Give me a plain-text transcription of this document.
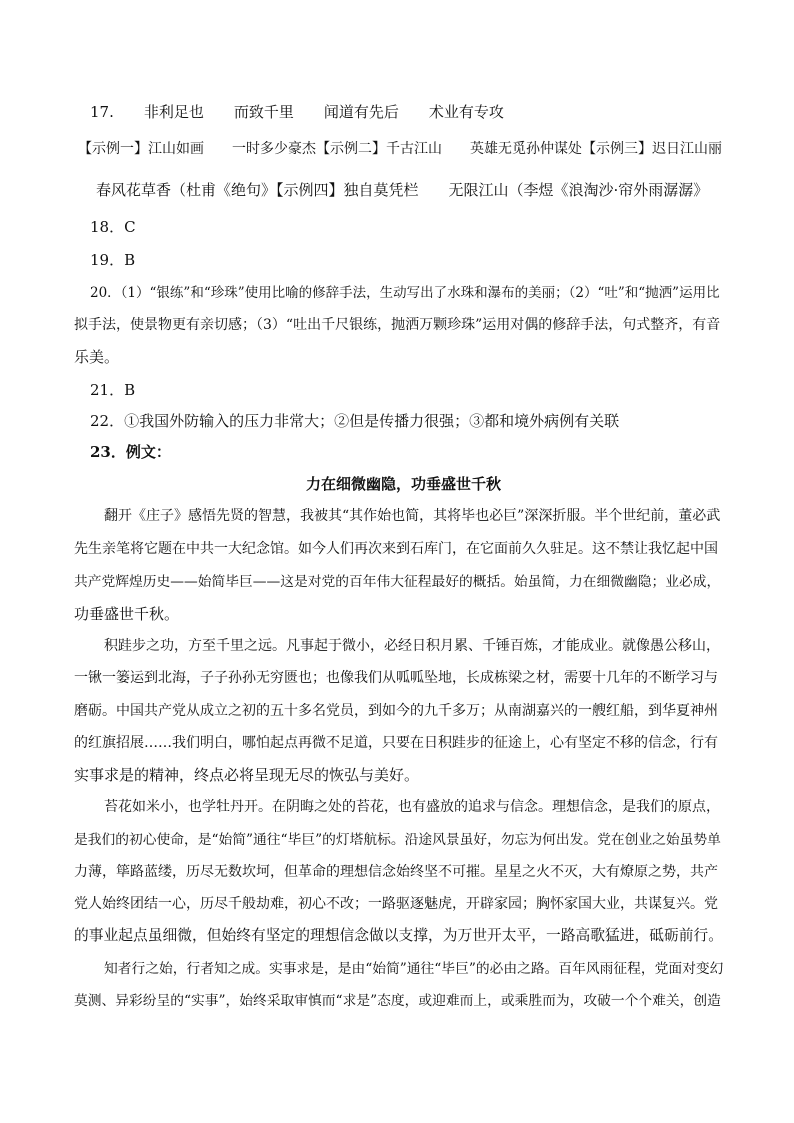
17.　　非利足也　　而致千里　　闻道有先后　　术业有专攻
【示例一】江山如画　　一时多少豪杰【示例二】千古江山　　英雄无觅孙仲谋处【示例三】迟日江山丽
春风花草香（杜甫《绝句》【示例四】独自莫凭栏　　无限江山（李煜《浪淘沙·帘外雨潺潺》
18．C
19．B
20．（1）“银练”和“珍珠”使用比喻的修辞手法，生动写出了水珠和瀑布的美丽；（2）“吐”和“抛洒”运用比
拟手法，使景物更有亲切感；（3）“吐出千尺银练，抛洒万颗珍珠”运用对偶的修辞手法，句式整齐，有音
乐美。
21．B
22．①我国外防输入的压力非常大；②但是传播力很强；③都和境外病例有关联
23．例文：
力在细微幽隐，功垂盛世千秋
翻开《庄子》感悟先贤的智慧，我被其“其作始也简，其将毕也必巨”深深折服。半个世纪前，董必武
先生亲笔将它题在中共一大纪念馆。如今人们再次来到石库门，在它面前久久驻足。这不禁让我忆起中国
共产党辉煌历史——始简毕巨——这是对党的百年伟大征程最好的概括。始虽简，力在细微幽隐；业必成，
功垂盛世千秋。
积跬步之功，方至千里之远。凡事起于微小，必经日积月累、千锤百炼，才能成业。就像愚公移山，
一锹一篓运到北海，子子孙孙无穷匮也；也像我们从呱呱坠地，长成栋梁之材，需要十几年的不断学习与
磨砺。中国共产党从成立之初的五十多名党员，到如今的九千多万；从南湖嘉兴的一艘红船，到华夏神州
的红旗招展……我们明白，哪怕起点再微不足道，只要在日积跬步的征途上，心有坚定不移的信念，行有
实事求是的精神，终点必将呈现无尽的恢弘与美好。
苔花如米小，也学牡丹开。在阴晦之处的苔花，也有盛放的追求与信念。理想信念，是我们的原点，
是我们的初心使命，是“始简”通往“毕巨”的灯塔航标。沿途风景虽好，勿忘为何出发。党在创业之始虽势单
力薄，筚路蓝缕，历尽无数坎坷，但革命的理想信念始终坚不可摧。星星之火不灭，大有燎原之势，共产
党人始终团结一心，历尽千般劫难，初心不改；一路驱逐魅虎，开辟家园；胸怀家国大业，共谋复兴。党
的事业起点虽细微，但始终有坚定的理想信念做以支撑，为万世开太平，一路高歌猛进，砥砺前行。
知者行之始，行者知之成。实事求是，是由“始简”通往“毕巨”的必由之路。百年风雨征程，党面对变幻
莫测、异彩纷呈的“实事”，始终采取审慎而“求是”态度，或迎难而上，或乘胜而为，攻破一个个难关，创造
